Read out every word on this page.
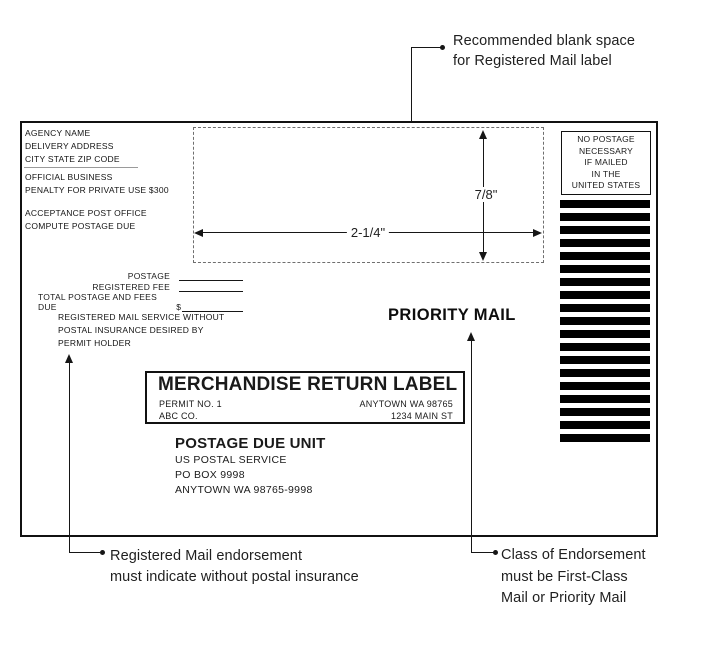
Recommended blank space
for Registered Mail label
AGENCY NAME
DELIVERY ADDRESS
CITY STATE ZIP CODE
OFFICIAL BUSINESS
PENALTY FOR PRIVATE USE $300
ACCEPTANCE POST OFFICE
COMPUTE POSTAGE DUE
7/8"
2-1/4"
NO POSTAGE
NECESSARY
IF MAILED
IN THE
UNITED STATES
POSTAGE
REGISTERED FEE
TOTAL POSTAGE AND FEES DUE	$
REGISTERED MAIL SERVICE WITHOUT
POSTAL INSURANCE DESIRED BY
PERMIT HOLDER
PRIORITY MAIL
MERCHANDISE RETURN LABEL
PERMIT NO. 1
ABC CO.
ANYTOWN WA 98765
1234 MAIN ST
POSTAGE DUE UNIT
US POSTAL SERVICE
PO BOX 9998
ANYTOWN WA 98765-9998
Registered Mail endorsement
must indicate without postal insurance
Class of Endorsement
must be First-Class
Mail or Priority Mail
